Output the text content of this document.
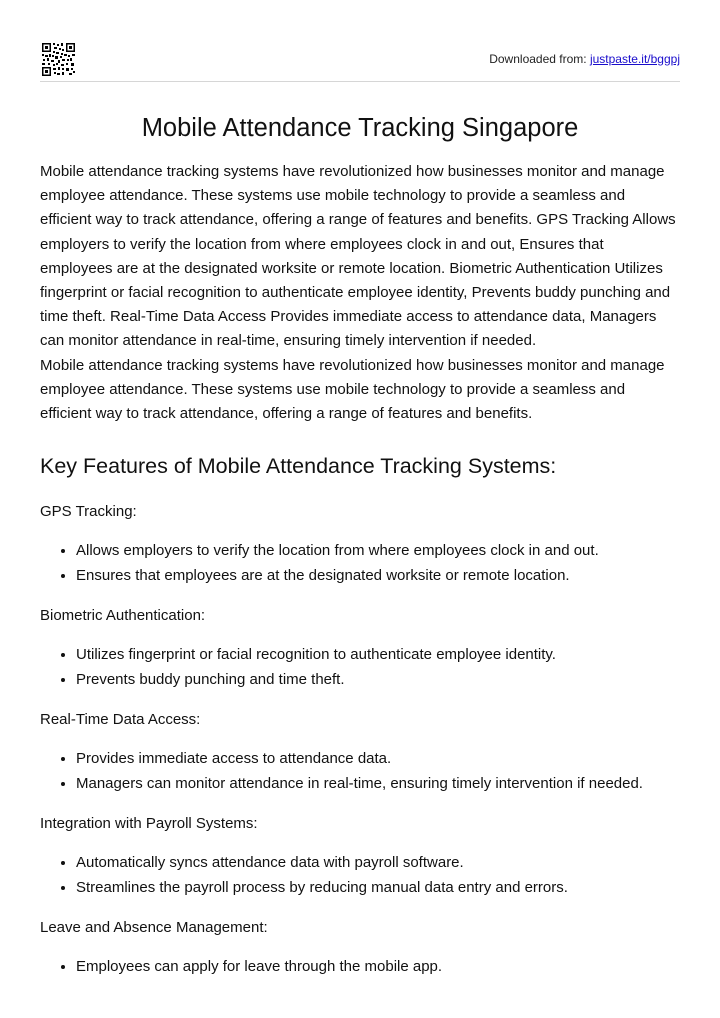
Downloaded from: justpaste.it/bggpj
Mobile Attendance Tracking Singapore

Mobile attendance tracking systems have revolutionized how businesses monitor and manage employee attendance. These systems use mobile technology to provide a seamless and efficient way to track attendance, offering a range of features and benefits. GPS Tracking Allows employers to verify the location from where employees clock in and out, Ensures that employees are at the designated worksite or remote location. Biometric Authentication Utilizes fingerprint or facial recognition to authenticate employee identity, Prevents buddy punching and time theft. Real-Time Data Access Provides immediate access to attendance data, Managers can monitor attendance in real-time, ensuring timely intervention if needed.
Mobile attendance tracking systems have revolutionized how businesses monitor and manage employee attendance. These systems use mobile technology to provide a seamless and efficient way to track attendance, offering a range of features and benefits.

Key Features of Mobile Attendance Tracking Systems:

GPS Tracking:

• Allows employers to verify the location from where employees clock in and out.
• Ensures that employees are at the designated worksite or remote location.

Biometric Authentication:

• Utilizes fingerprint or facial recognition to authenticate employee identity.
• Prevents buddy punching and time theft.

Real-Time Data Access:

• Provides immediate access to attendance data.
• Managers can monitor attendance in real-time, ensuring timely intervention if needed.

Integration with Payroll Systems:

• Automatically syncs attendance data with payroll software.
• Streamlines the payroll process by reducing manual data entry and errors.

Leave and Absence Management:

• Employees can apply for leave through the mobile app.
